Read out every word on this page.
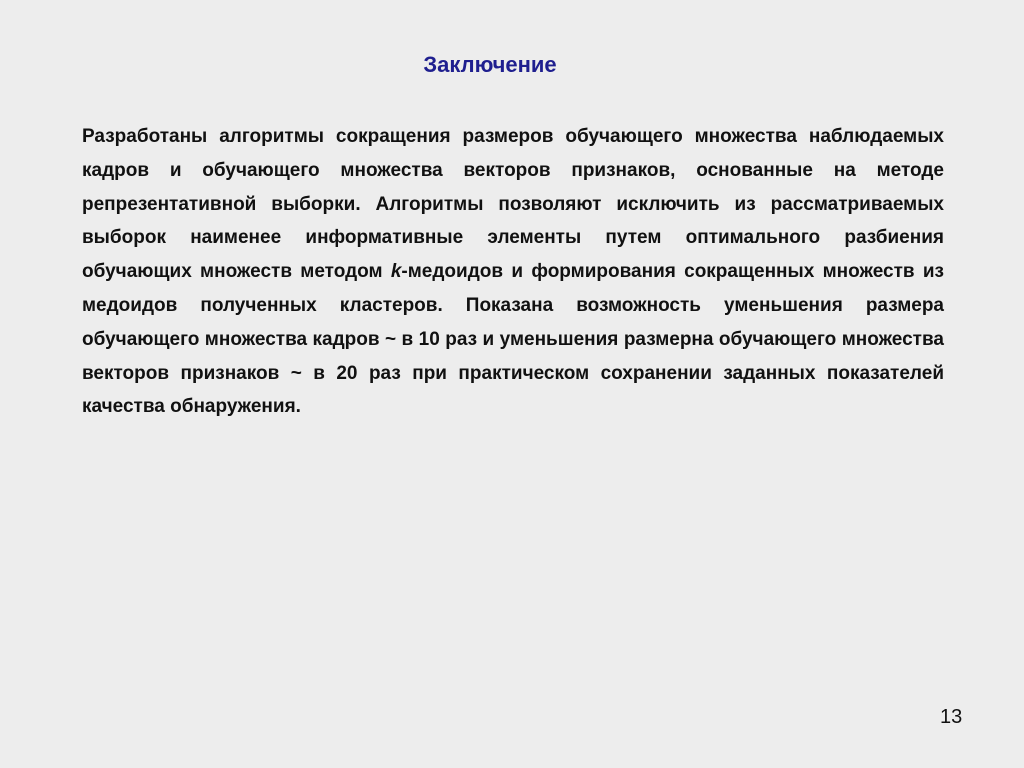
Заключение

Разработаны алгоритмы сокращения размеров обучающего множества наблюдаемых кадров и обучающего множества векторов признаков, основанные на методе репрезентативной выборки. Алгоритмы позволяют исключить из рассматриваемых выборок наименее информативные элементы путем оптимального разбиения обучающих множеств методом k-медоидов и формирования сокращенных множеств из медоидов полученных кластеров. Показана возможность уменьшения размера обучающего множества кадров ~ в 10 раз и уменьшения размерна обучающего множества векторов признаков ~ в 20 раз при практическом сохранении заданных показателей качества обнаружения.

13
